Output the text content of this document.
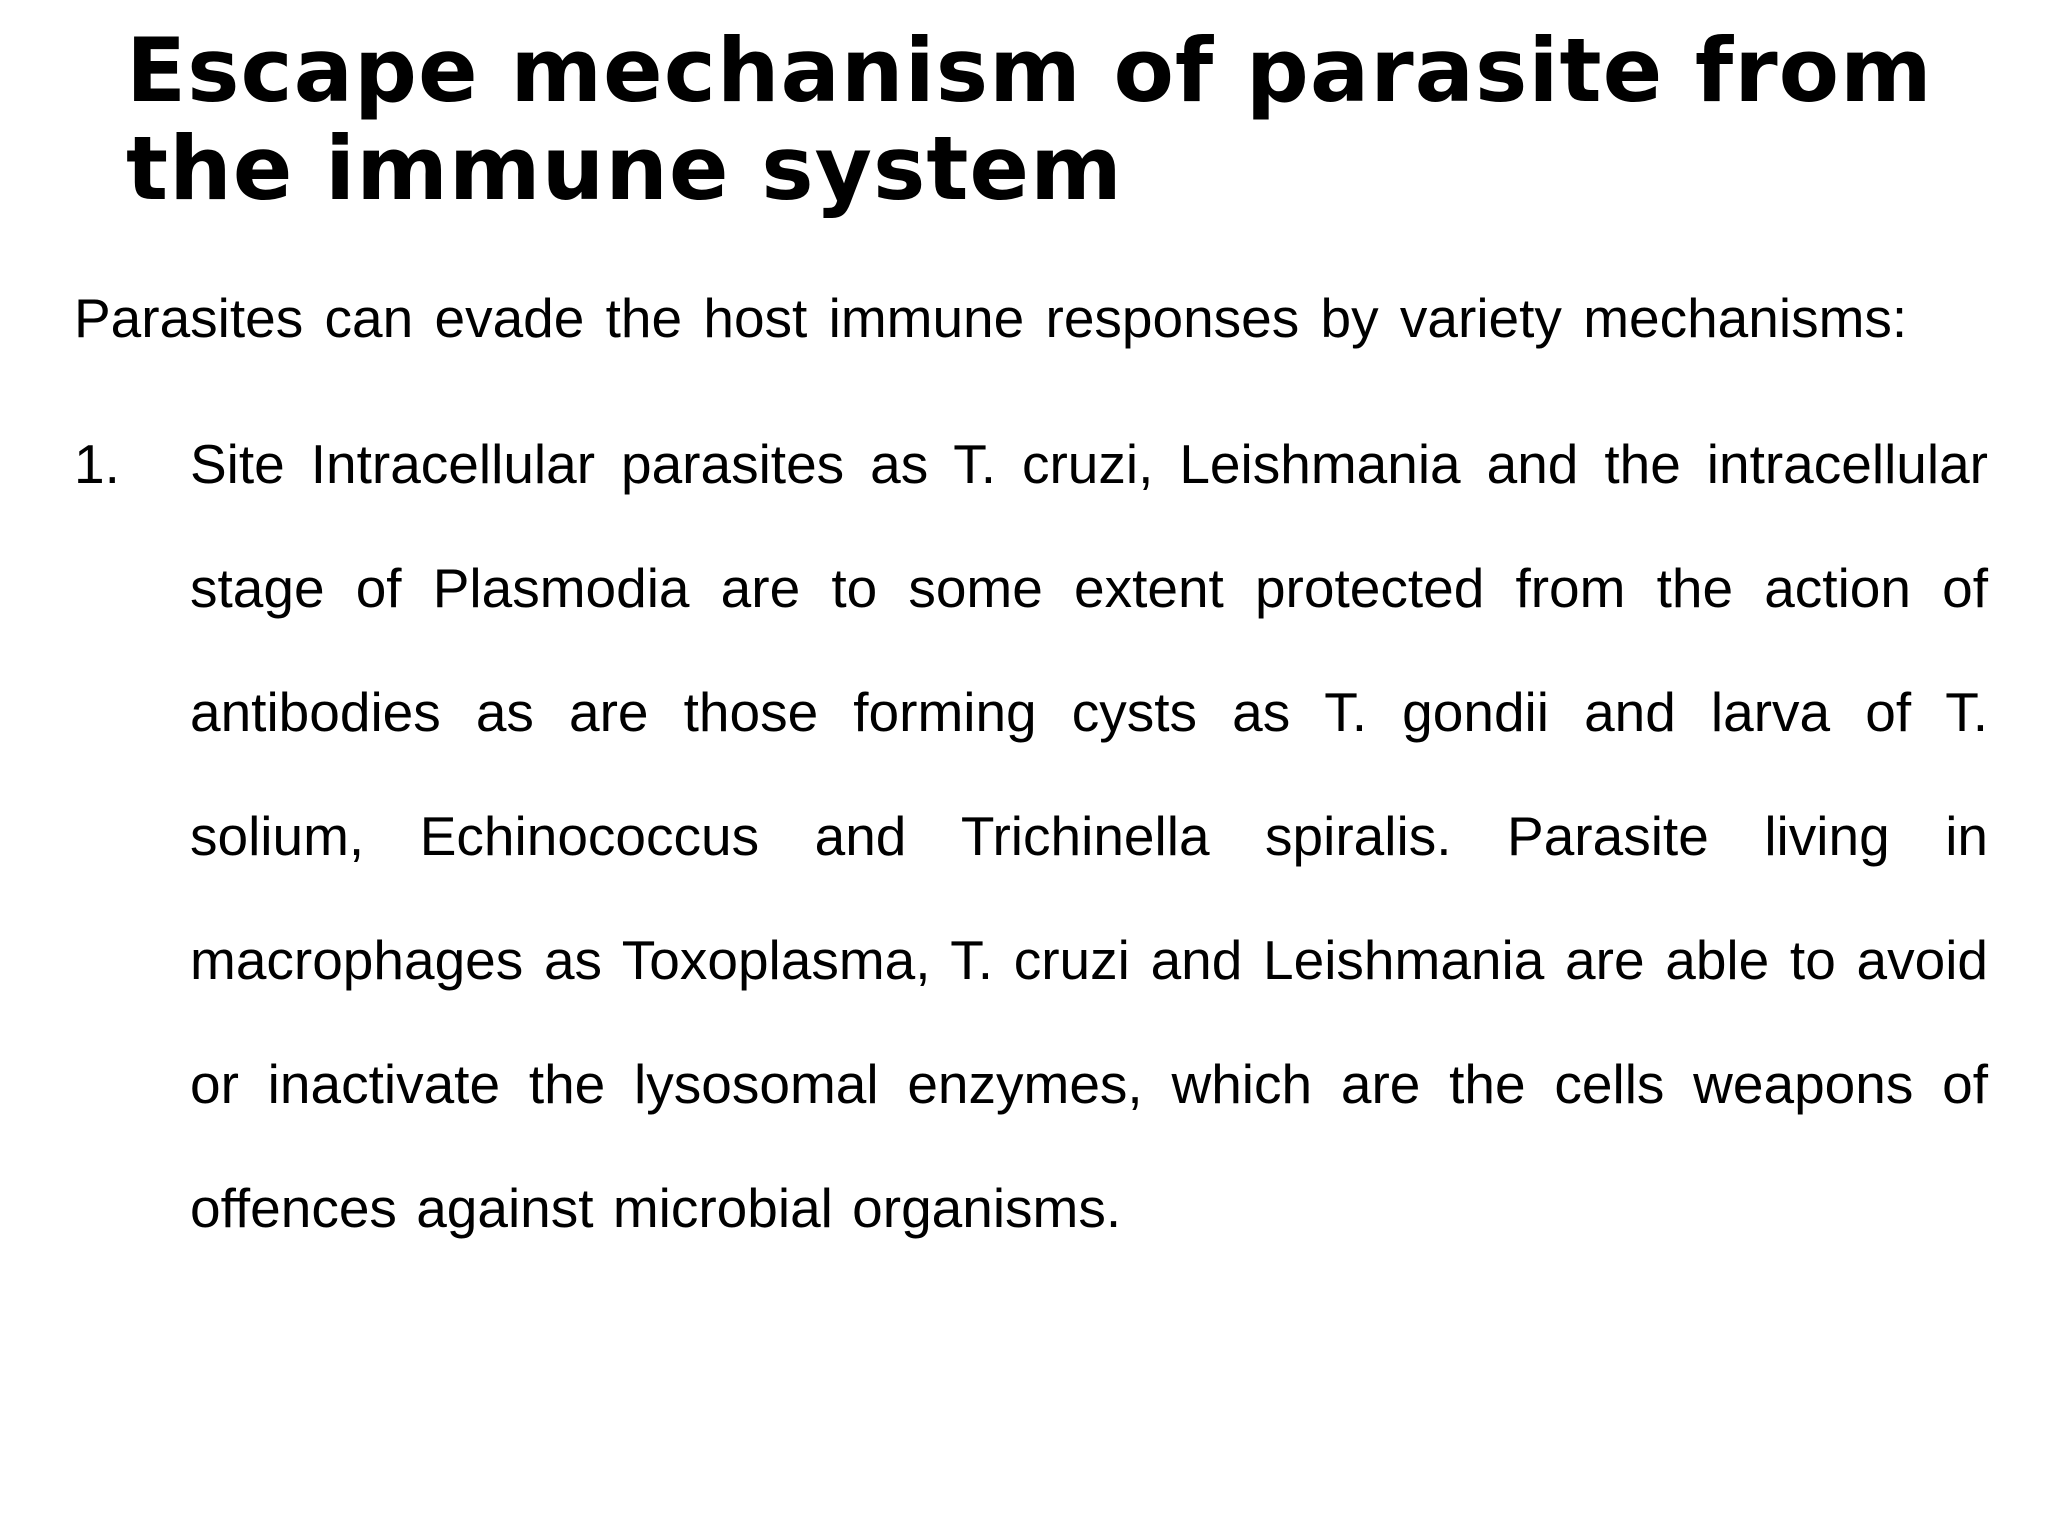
Escape mechanism of parasite from the immune system

Parasites can evade the host immune responses by variety mechanisms:

1.	Site Intracellular parasites as T. cruzi, Leishmania and the intracellular stage of Plasmodia are to some extent protected from the action of antibodies as are those forming cysts as T. gondii and larva of T. solium, Echinococcus and Trichinella spiralis. Parasite living in macrophages as Toxoplasma, T. cruzi and Leishmania are able to avoid or inactivate the lysosomal enzymes, which are the cells weapons of offences against microbial organisms.
